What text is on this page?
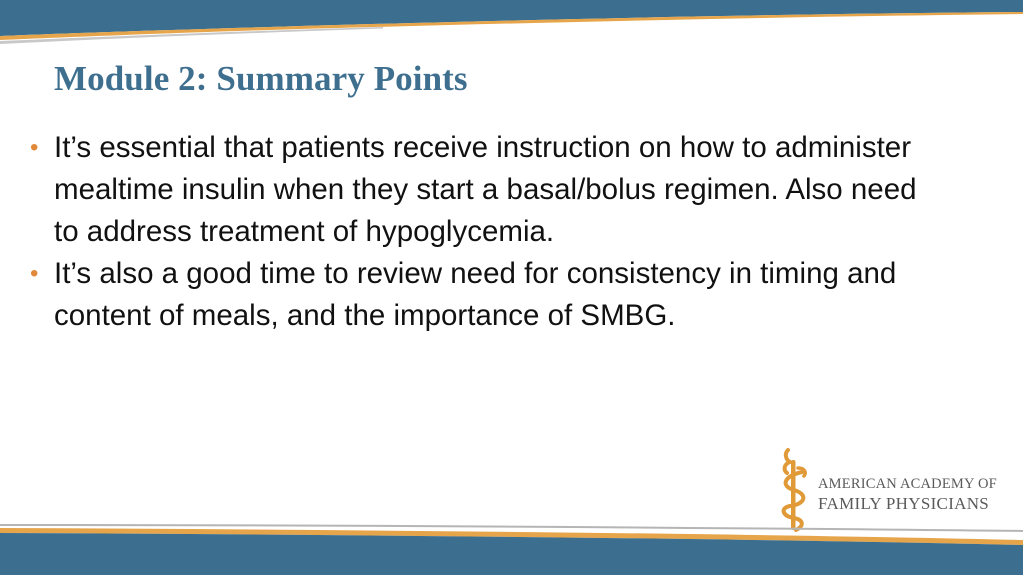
Module 2: Summary Points
• It’s essential that patients receive instruction on how to administer mealtime insulin when they start a basal/bolus regimen. Also need to address treatment of hypoglycemia.
• It’s also a good time to review need for consistency in timing and content of meals, and the importance of SMBG.
AMERICAN ACADEMY OF
FAMILY PHYSICIANS
